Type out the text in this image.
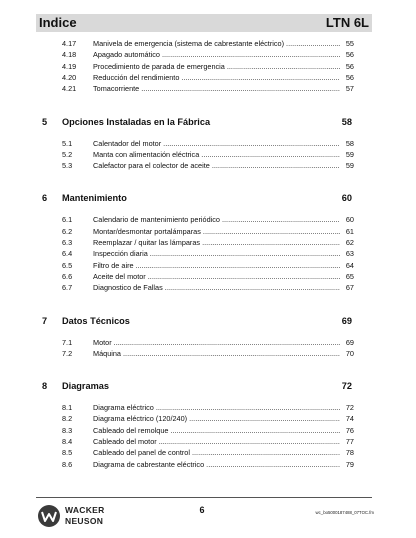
Indice	LTN 6L
4.17	Manivela de emergencia (sistema de cabrestante eléctrico) .....	55
4.18	Apagado automático .....	56
4.19	Procedimiento de parada de emergencia .....	56
4.20	Reducción del rendimiento .....	56
4.21	Tomacorriente .....	57
5 Opciones Instaladas en la Fábrica	58
5.1	Calentador del motor .....	58
5.2	Manta con alimentación eléctrica .....	59
5.3	Calefactor para el colector de aceite .....	59
6 Mantenimiento	60
6.1	Calendario de mantenimiento periódico .....	60
6.2	Montar/desmontar portalámparas .....	61
6.3	Reemplazar / quitar las lámparas .....	62
6.4	Inspección diaria .....	63
6.5	Filtro de aire .....	64
6.6	Aceite del motor .....	65
6.7	Diagnostico de Fallas .....	67
7 Datos Técnicos	69
7.1	Motor .....	69
7.2	Máquina .....	70
8 Diagramas	72
8.1	Diagrama eléctrico .....	72
8.2	Diagrama eléctrico (120/240) .....	74
8.3	Cableado del remolque .....	76
8.4	Cableado del motor .....	77
8.5	Cableado del panel de control .....	78
8.6	Diagrama de cabrestante eléctrico .....	79
WACKER
NEUSON
6	wc_bo5000187488_07TOC.fm
